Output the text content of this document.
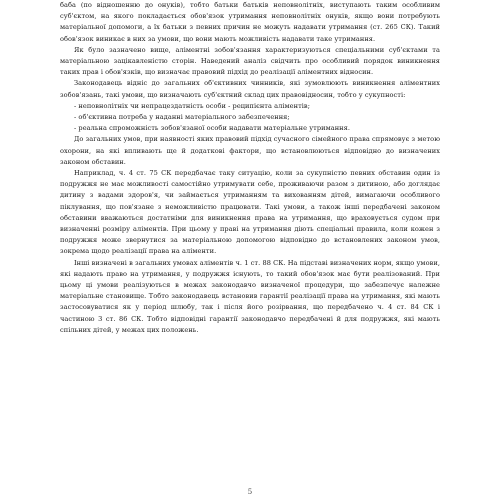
баба (по відношенню до онуків), тобто батьки батьків неповнолітніх, виступають таким особливим суб'єктом, на якого покладається обов'язок утримання неповнолітніх онуків, якщо вони потребують матеріальної допомоги, а їх батьки з певних причин не можуть надавати утримання (ст. 265 СК). Такий обов'язок виникає в них за умови, що вони мають можливість надавати таке утримання.

Як було зазначено вище, аліментні зобов'язання характеризуються спеціальними суб'єктами та матеріальною зацікавленістю сторін. Наведений аналіз свідчить про особливий порядок виникнення таких прав і обов'язків, що визначає правовий підхід до реалізації аліментних відносин.

Законодавець відніс до загальних об'єктивних чинників, які зумовлюють виникнення аліментних зобов'язань, такі умови, що визначають суб'єктний склад цих правовідносин, тобто у сукупності:

- неповнолітніх чи непрацездатність особи - реципієнта аліментів;
- об'єктивна потреба у наданні матеріального забезпечення;
- реальна спроможність зобов'язаної особи надавати матеріальне утримання.

До загальних умов, при наявності яких правовий підхід сучасного сімейного права спрямовує з метою охорони, на які впливають ще й додаткові фактори, що встановлюються відповідно до визначених законом обставин.

Наприклад, ч. 4 ст. 75 СК передбачає таку ситуацію, коли за сукупністю певних обставин один із подружжя не має можливості самостійно утримувати себе, проживаючи разом з дитиною, або доглядає дитину з вадами здоров'я, чи займається утриманням та вихованням дітей, вимагаючи особливого піклування, що пов'язане з неможливістю працювати. Такі умови, а також інші передбачені законом обставини вважаються достатніми для виникнення права на утримання, що враховується судом при визначенні розміру аліментів. При цьому у праві на утримання діють спеціальні правила, коли кожен з подружжя може звернутися за матеріальною допомогою відповідно до встановлених законом умов, зокрема щодо реалізації права на аліменти.

Інші визначені в загальних умовах аліментів ч. 1 ст. 88 СК. На підставі визначених норм, якщо умови, які надають право на утримання, у подружжя існують, то такий обов'язок має бути реалізований. При цьому ці умови реалізуються в межах законодавчо визначеної процедури, що забезпечує належне матеріальне становище. Тобто законодавець встановив гарантії реалізації права на утримання, які мають застосовуватися як у період шлюбу, так і після його розірвання, що передбачено ч. 4 ст. 84 СК і частиною 3 ст. 86 СК. Тобто відповідні гарантії законодавчо передбачені й для подружжя, які мають спільних дітей, у межах цих положень.

5
